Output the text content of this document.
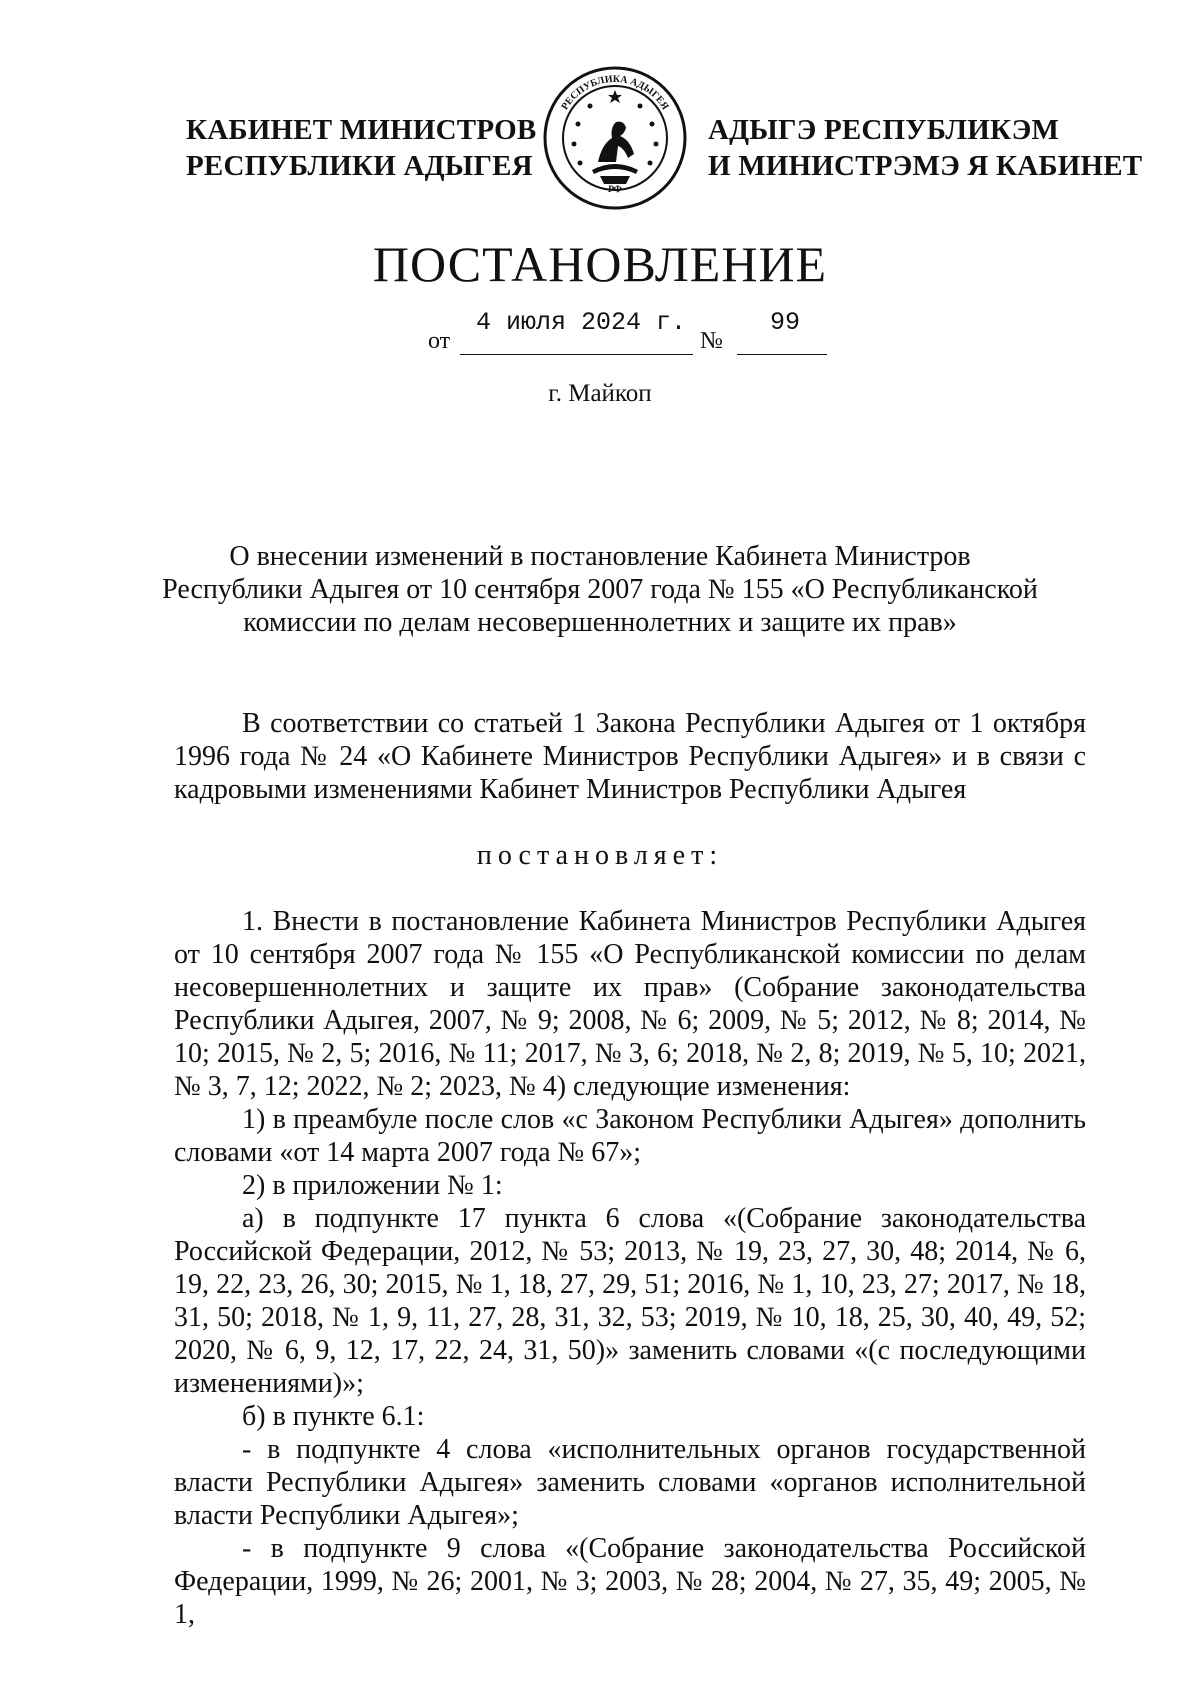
КАБИНЕТ МИНИСТРОВ
РЕСПУБЛИКИ АДЫГЕЯ
РЕСПУБЛИКА АДЫГЕЯ
РФ
АДЫГЭ РЕСПУБЛИКЭМ
И МИНИСТРЭМЭ Я КАБИНЕТ
ПОСТАНОВЛЕНИЕ
от
4 июля 2024 г.
№
99
г. Майкоп
О внесении изменений в постановление Кабинета Министров
Республики Адыгея от 10 сентября 2007 года № 155 «О Республиканской
комиссии по делам несовершеннолетних и защите их прав»

В соответствии со статьей 1 Закона Республики Адыгея от 1 октября 1996 года № 24 «О Кабинете Министров Республики Адыгея» и в связи с кадровыми изменениями Кабинет Министров Республики Адыгея

постановляет:

1. Внести в постановление Кабинета Министров Республики Адыгея от 10 сентября 2007 года № 155 «О Республиканской комиссии по делам несовершеннолетних и защите их прав» (Собрание законодательства Республики Адыгея, 2007, № 9; 2008, № 6; 2009, № 5; 2012, № 8; 2014, № 10; 2015, № 2, 5; 2016, № 11; 2017, № 3, 6; 2018, № 2, 8; 2019, № 5, 10; 2021, № 3, 7, 12; 2022, № 2; 2023, № 4) следующие изменения:

1) в преамбуле после слов «с Законом Республики Адыгея» дополнить словами «от 14 марта 2007 года № 67»;

2) в приложении № 1:

а) в подпункте 17 пункта 6 слова «(Собрание законодательства Российской Федерации, 2012, № 53; 2013, № 19, 23, 27, 30, 48; 2014, № 6, 19, 22, 23, 26, 30; 2015, № 1, 18, 27, 29, 51; 2016, № 1, 10, 23, 27; 2017, № 18, 31, 50; 2018, № 1, 9, 11, 27, 28, 31, 32, 53; 2019, № 10, 18, 25, 30, 40, 49, 52; 2020, № 6, 9, 12, 17, 22, 24, 31, 50)» заменить словами «(с последующими изменениями)»;

б) в пункте 6.1:

- в подпункте 4 слова «исполнительных органов государственной власти Республики Адыгея» заменить словами «органов исполнительной власти Республики Адыгея»;

- в подпункте 9 слова «(Собрание законодательства Российской Федерации, 1999, № 26; 2001, № 3; 2003, № 28; 2004, № 27, 35, 49; 2005, № 1,
